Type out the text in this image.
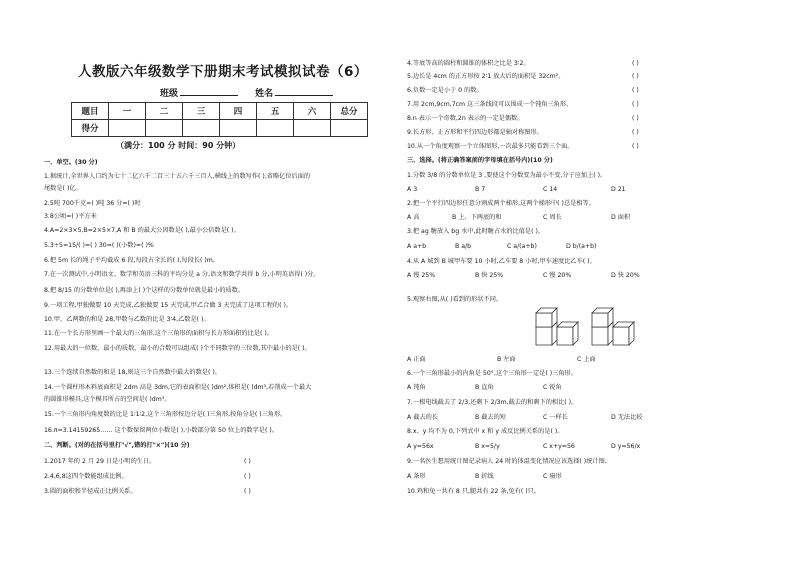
人教版六年级数学下册期末考试模拟试卷（6）
班级	姓名
题目	一	二	三	四	五	六	总分
得分							
（满分：100 分 时间：90 分钟）
一、单空。(30 分)
1.据统计,全世界人口约为七十二亿六千二百三十五六千三百人,横线上的数写作( ),省略亿位后面的
尾数是( )亿。
2.5吨 700千克=( )吨 36 分=( )时
3.8公顷=( )平方米
4.A=2×3×5,B=2×5×7,A 和 B 的最大公因数是( ),最小公倍数是( )。
5.3÷5=15/( )=( ) 30=( )(小数)=( )%
6.把 5m 长的绳子平均截成 6 段,每段占全长的( ),每段长( )m。
7.在一次测试中,小明语文、数学和英语三科的平均分是 a 分,语文和数学共得 b 分,小明英语得( )分。
8.把 8/15 的分数单位是( ),再添上( )个这样的分数单位就是最小的质数。
9.一项工程,甲独做要 10 天完成,乙独做要 15 天完成,甲乙合做 3 天完成了这项工程的( )。
10.甲、乙两数的和是 28,甲数与乙数的比是 3∶4,乙数是( )。
11.在一个长方形里画一个最大的三角形,这个三角形的面积与长方形面积的比是( )。
12.用最大的一位数、最小的质数、最小的合数可以组成( )个不同数字的三位数,其中最小的是( )。
13.三个连续自然数的和是 18,则这三个自然数中最大的数是( )。
14.一个圆柱形木料底面积是 2dm 高是 3dm,它的表面积是( )dm²,体积是( )dm³,若削成一个最大
的圆锥形模具,这个模具所占的空间是( )dm³。
15.一个三角形内角度数的比是 1∶1∶2,这个三角形按边分是( )三角形,按角分是( )三角形。
16.π=3.14159265…… 这个数保留两位小数是( ),小数部分第 50 位上的数字是( )。
二、判断。(对的在括号里打"√",错的打"×")(10 分)
1.2017 年的 2 月 29 日是小明的生日。	( )
2.4,6,8这四个数能组成比例。	( )
3.圆的面积和半径成正比例关系。	( )
4.等底等高的圆柱和圆锥的体积之比是 3∶2。	( )
5.边长是 4cm 的正方形按 2∶1 放大后的面积是 32cm²。	( )
6.负数一定是小于 0 的数。	( )
7.用 2cm,9cm,7cm 这三条线段可以围成一个钝角三角形。	( )
8.n 表示一个奇数,2n 表示的一定是偶数。	( )
9.长方形、正方形和平行四边形都是轴对称图形。	( )
10.从一个角度观察一个立体图形,一次最多只能看到三个面。	( )
三、选择。(将正确答案前的字母填在括号内)(10 分)
1.分数 3/8 的分数单位是 3 ,要使这个分数变为最小不变,分子应加上( )。
A 3	B 7	C 14	D 21
2.把一个平行四边形任意分割成两个梯形,这两个梯形中( )总是相等。
A 高	B 上、下两底的和	C 周长	D 面积
3.把 ag 糖放入 bg 水中,此时糖占水的比值是( )。
A a+b	B a/b	C a/(a+b)	D b/(a+b)
4.从 A 城到 B 城甲车要 10 小时,乙车要 8 小时,甲车速度比乙车( )。
A 慢 25%	B 快 25%	C 慢 20%	D 快 20%
5.观察右图,从( )看到的形状不同。
A 正面	B 左面	C 上面
6.一个三角形最小的内角是 50°,这个三角形一定是( )三角形。
A 钝角	B 直角	C 锐角
7.一根电线截去了 2/3,还剩下 2/3m,截去的和剩下的相比( )。
A 截去的长	B 截去的短	C 一样长	D 无法比较
8.x、y 均不为 0,下列式中 x 和 y 成反比例关系的是( )。
A y=56x	B x=5/y	C x+y=56	D y=56/x
9.一名医生想用统计图记录病人 24 时的体温变化情况应该选择( )统计图。
A 条形	B 折线	C 扇形
10.鸡和兔一共有 8 只,腿共有 22 条,兔有( )只。
